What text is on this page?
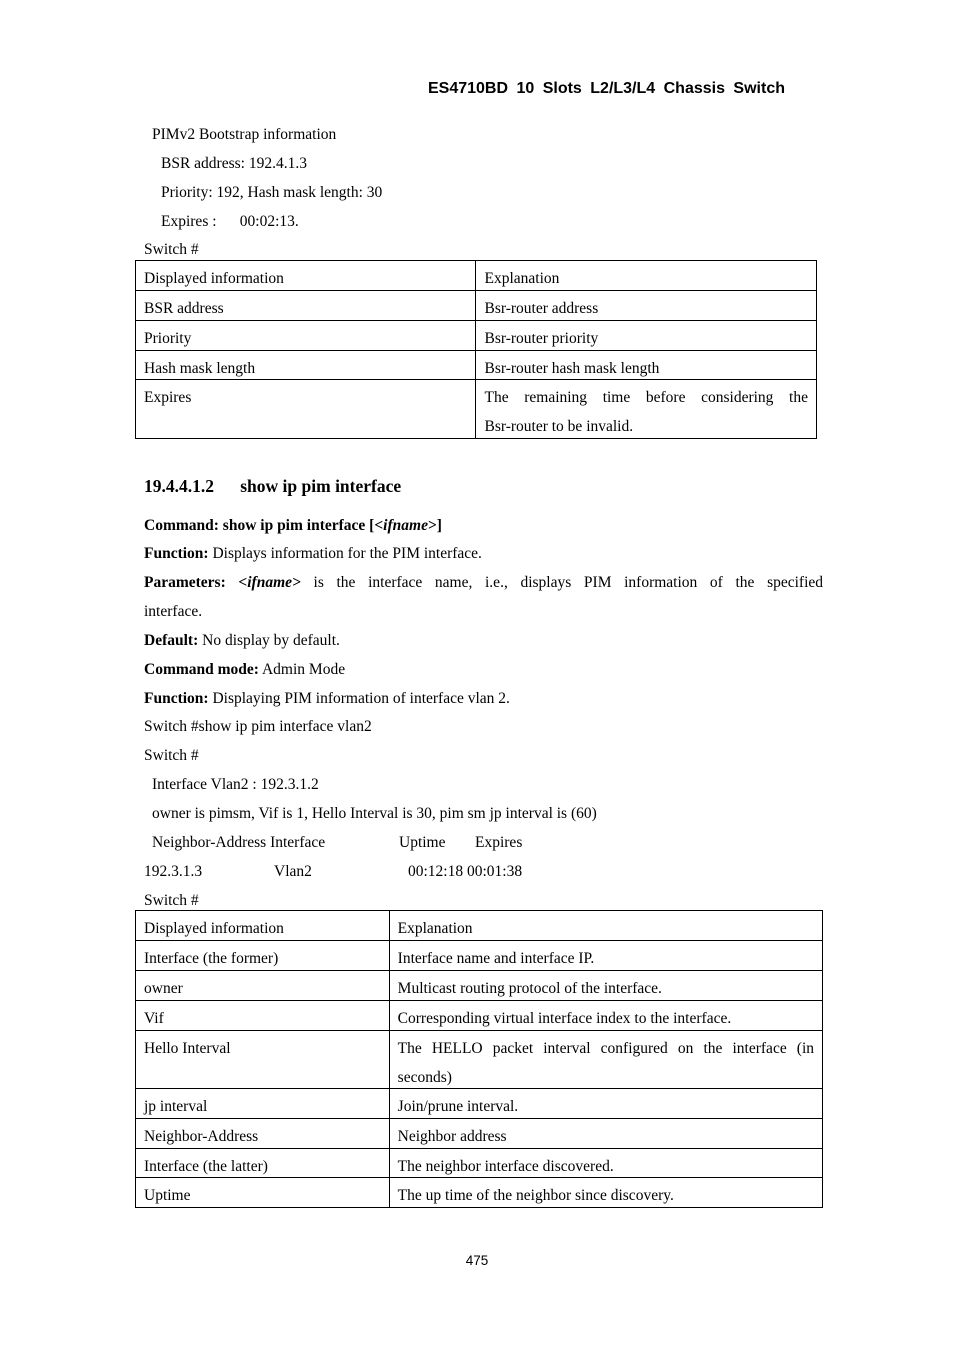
ES4710BD 10 Slots L2/L3/L4 Chassis Switch
PIMv2 Bootstrap information
BSR address: 192.4.1.3
Priority: 192, Hash mask length: 30
Expires :      00:02:13.
Switch #
Displayed information	Explanation

BSR address	Bsr-router address

Priority	Bsr-router priority

Hash mask length	Bsr-router hash mask length

Expires	The remaining time before considering the
Bsr-router to be invalid.
19.4.4.1.2 show ip pim interface
Command: show ip pim interface [<ifname>]
Function: Displays information for the PIM interface.
Parameters: <ifname> is the interface name, i.e., displays PIM information of the specified
interface.
Default: No display by default.
Command mode: Admin Mode
Function: Displaying PIM information of interface vlan 2.
Switch #show ip pim interface vlan2
Switch #
Interface Vlan2 : 192.3.1.2
owner is pimsm, Vif is 1, Hello Interval is 30, pim sm jp interval is (60)
Neighbor-Address Interface	Uptime Expires
192.3.1.3	Vlan2	00:12:18 00:01:38
Switch #
Displayed information	Explanation

Interface (the former)	Interface name and interface IP.

owner	Multicast routing protocol of the interface.

Vif	Corresponding virtual interface index to the interface.

Hello Interval	The HELLO packet interval configured on the interface (in
seconds)

jp interval	Join/prune interval.

Neighbor-Address	Neighbor address

Interface (the latter)	The neighbor interface discovered.

Uptime	The up time of the neighbor since discovery.
475
